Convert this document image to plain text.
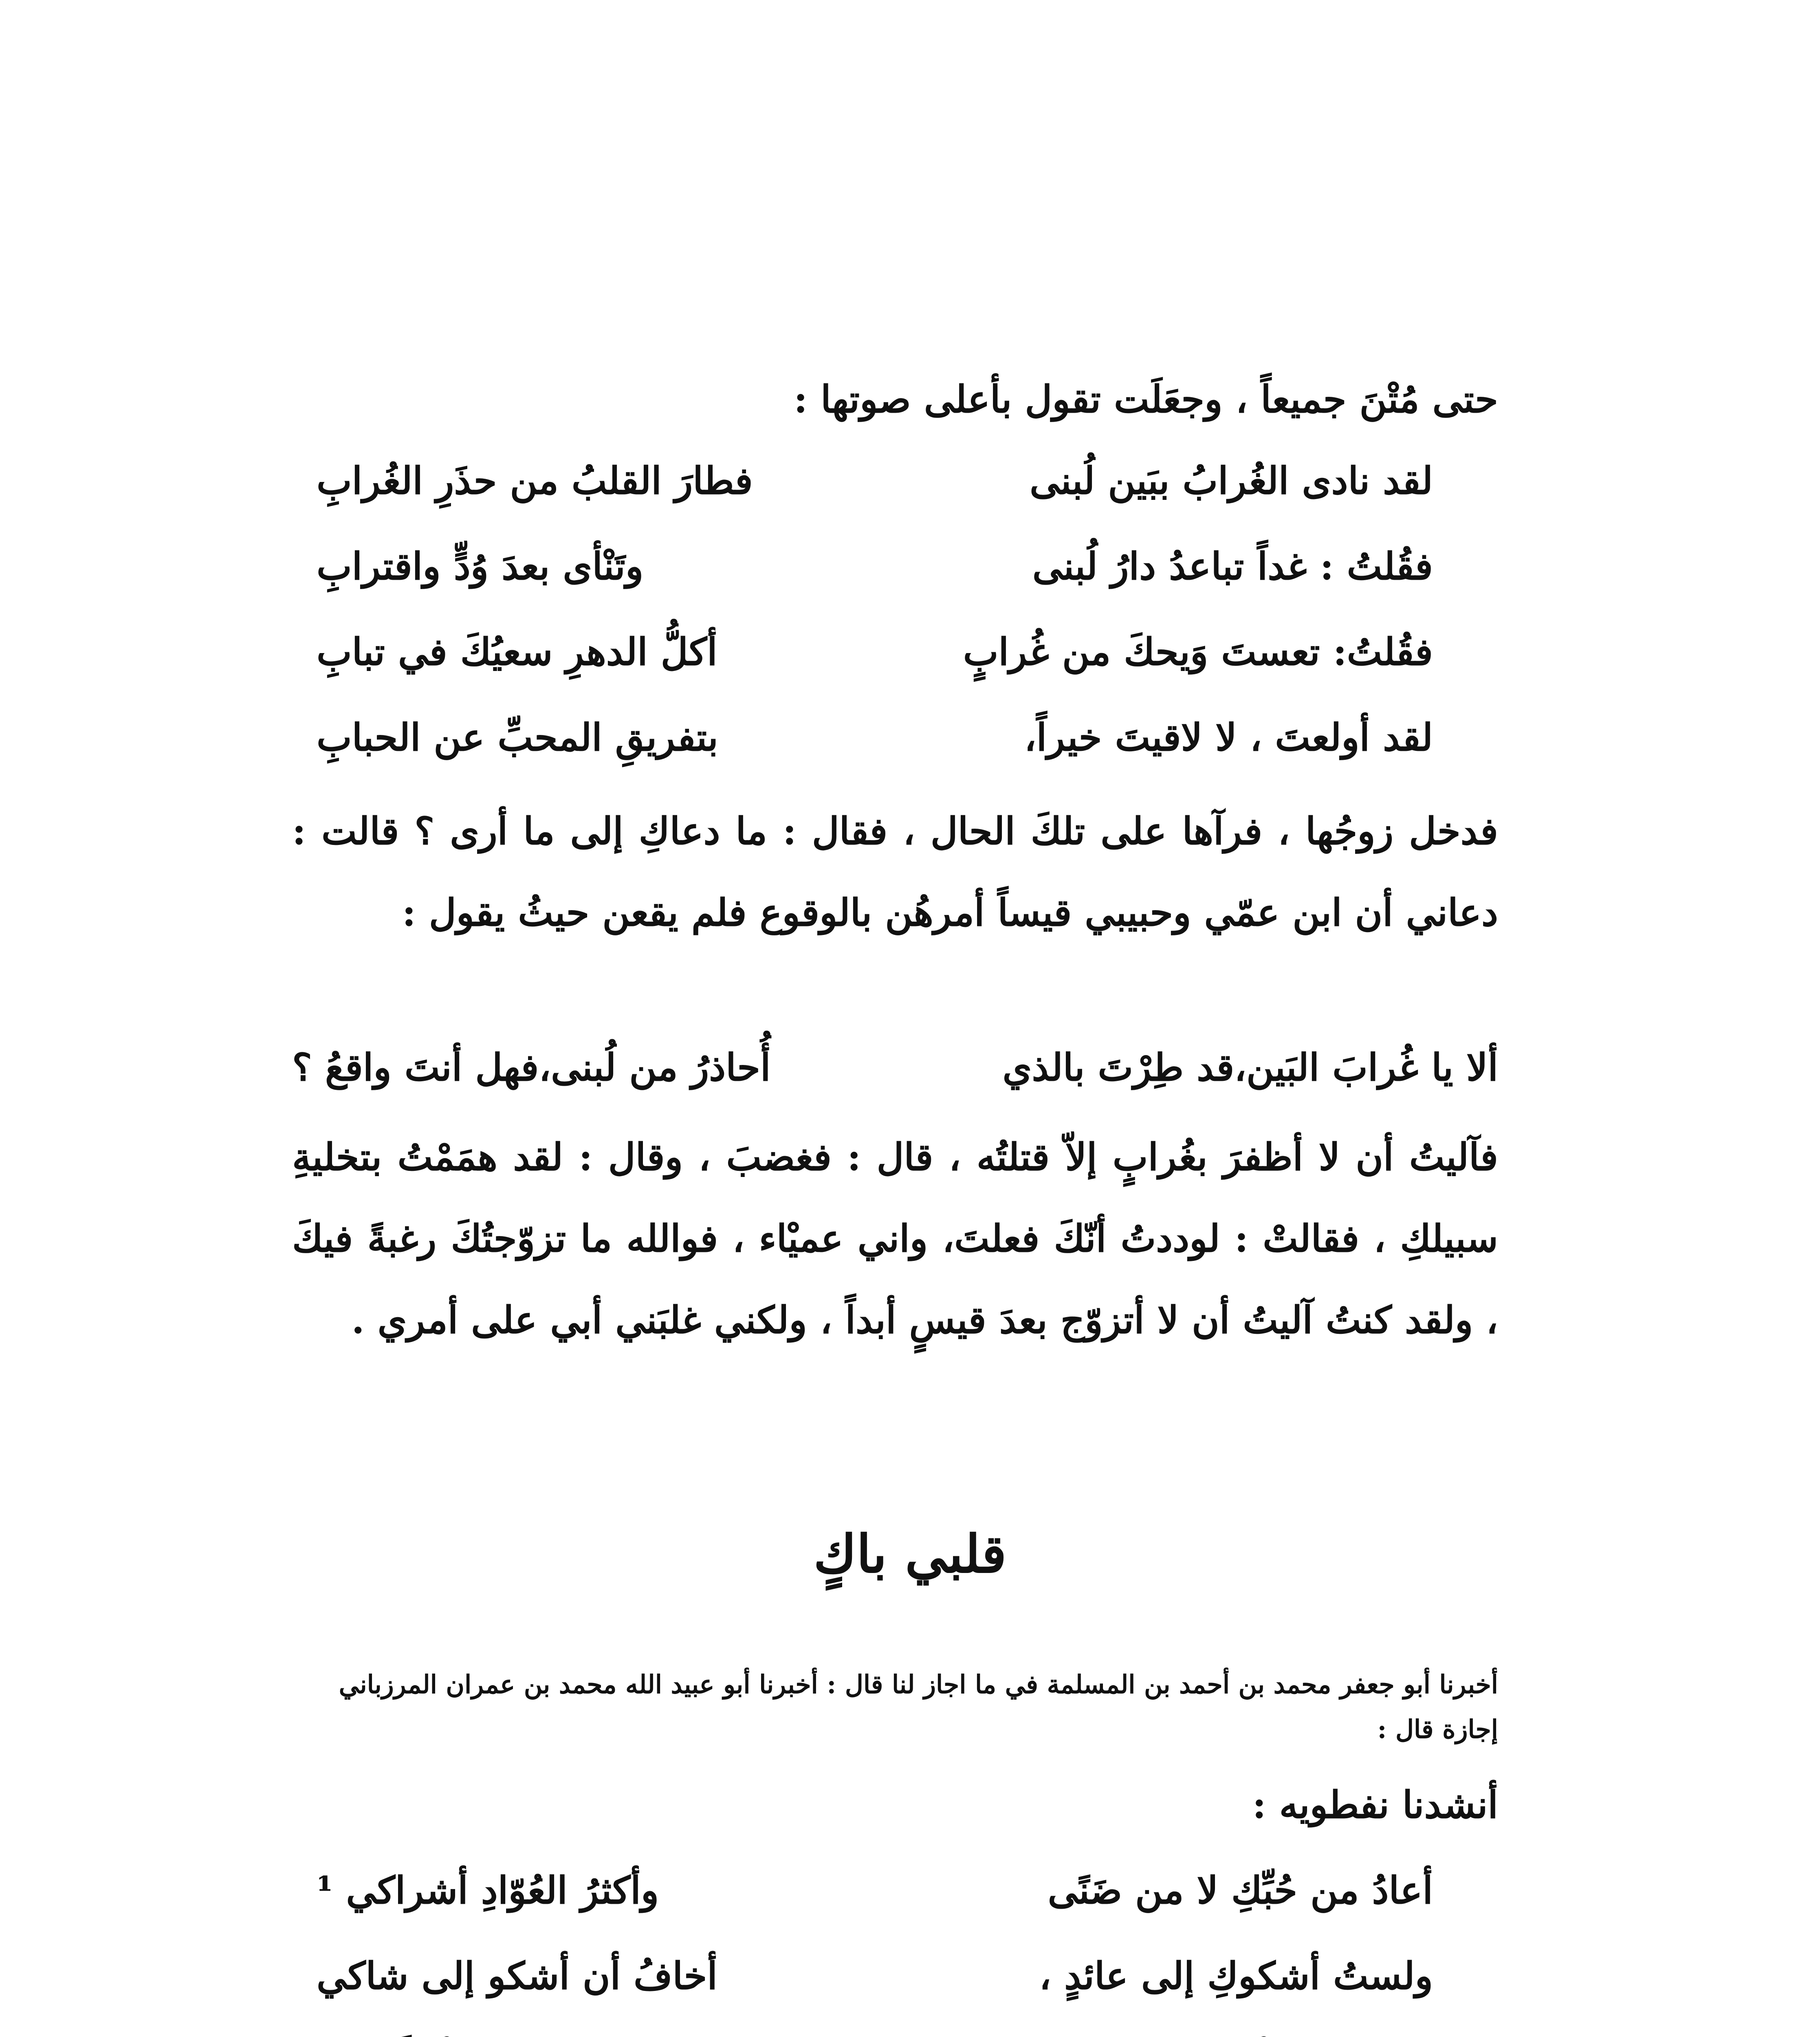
حتى مُتْنَ جميعاً ، وجعَلَت تقول بأعلى صوتها :
لقد نادى الغُرابُ ببَين لُبنى
فطارَ القلبُ من حذَرِ الغُرابِ
فقُلتُ : غداً تباعدُ دارُ لُبنى
وتَنْأى بعدَ وُدٍّ واقترابِ
فقُلتُ: تعستَ وَيحكَ من غُرابٍ
أكلُّ الدهرِ سعيُكَ في تبابِ
لقد أولعتَ ، لا لاقيتَ خيراً،
بتفريقِ المحبِّ عن الحبابِ
فدخل زوجُها ، فرآها على تلكَ الحال ، فقال : ما دعاكِ إلى ما أرى ؟ قالت : دعاني أن ابن عمّي وحبيبي قيساً أمرهُن بالوقوع فلم يقعن حيثُ يقول :
ألا يا غُرابَ البَين،قد طِرْتَ بالذي
أُحاذرُ من لُبنى،فهل أنتَ واقعُ ؟
فآليتُ أن لا أظفرَ بغُرابٍ إلاّ قتلتُه ، قال : فغضبَ ، وقال : لقد همَمْتُ بتخليةِ سبيلكِ ، فقالتْ : لوددتُ أنّكَ فعلتَ، واني عميْاء ، فوالله ما تزوّجتُكَ رغبةً فيكَ ، ولقد كنتُ آليتُ أن لا أتزوّج بعدَ قيسٍ أبداً ، ولكني غلبَني أبي على أمري .
قلبي باكٍ
أخبرنا أبو جعفر محمد بن أحمد بن المسلمة في ما اجاز لنا قال : أخبرنا أبو عبيد الله محمد بن عمران المرزباني إجازة قال :
أنشدنا نفطويه :
أعادُ من حُبِّكِ لا من ضَنًى
وأكثرُ العُوّادِ أشراكي ¹
ولستُ أشكوكِ إلى عائدٍ ،
أخافُ أن أشكو إلى شاكي
